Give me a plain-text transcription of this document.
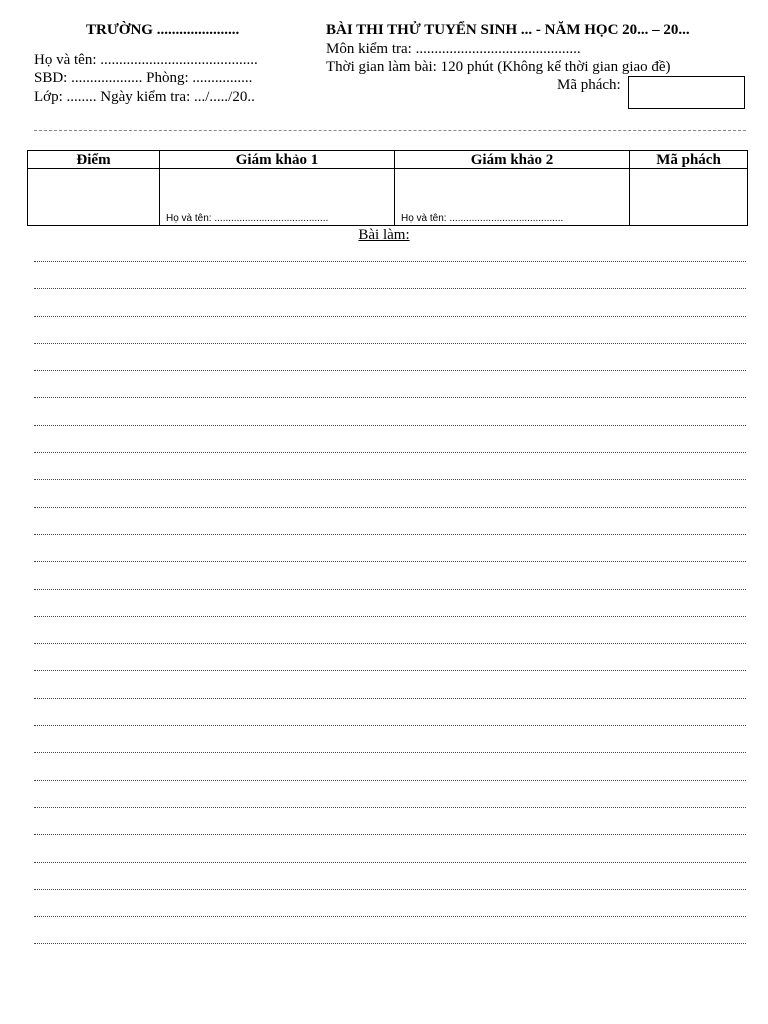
TRƯỜNG ......................
Họ và tên: ..........................................
SBD: ................... Phòng: ................
Lớp: ........ Ngày kiểm tra: .../...../20..
BÀI THI THỬ TUYỂN SINH ... - NĂM HỌC 20... – 20...
Môn kiểm tra: ............................................
Thời gian làm bài: 120 phút (Không kể thời gian giao đề)
Mã phách:
Điểm	Giám khảo 1	Giám khảo 2	Mã phách

	Họ và tên: .........................................	Họ và tên: .........................................	

Bài làm:
